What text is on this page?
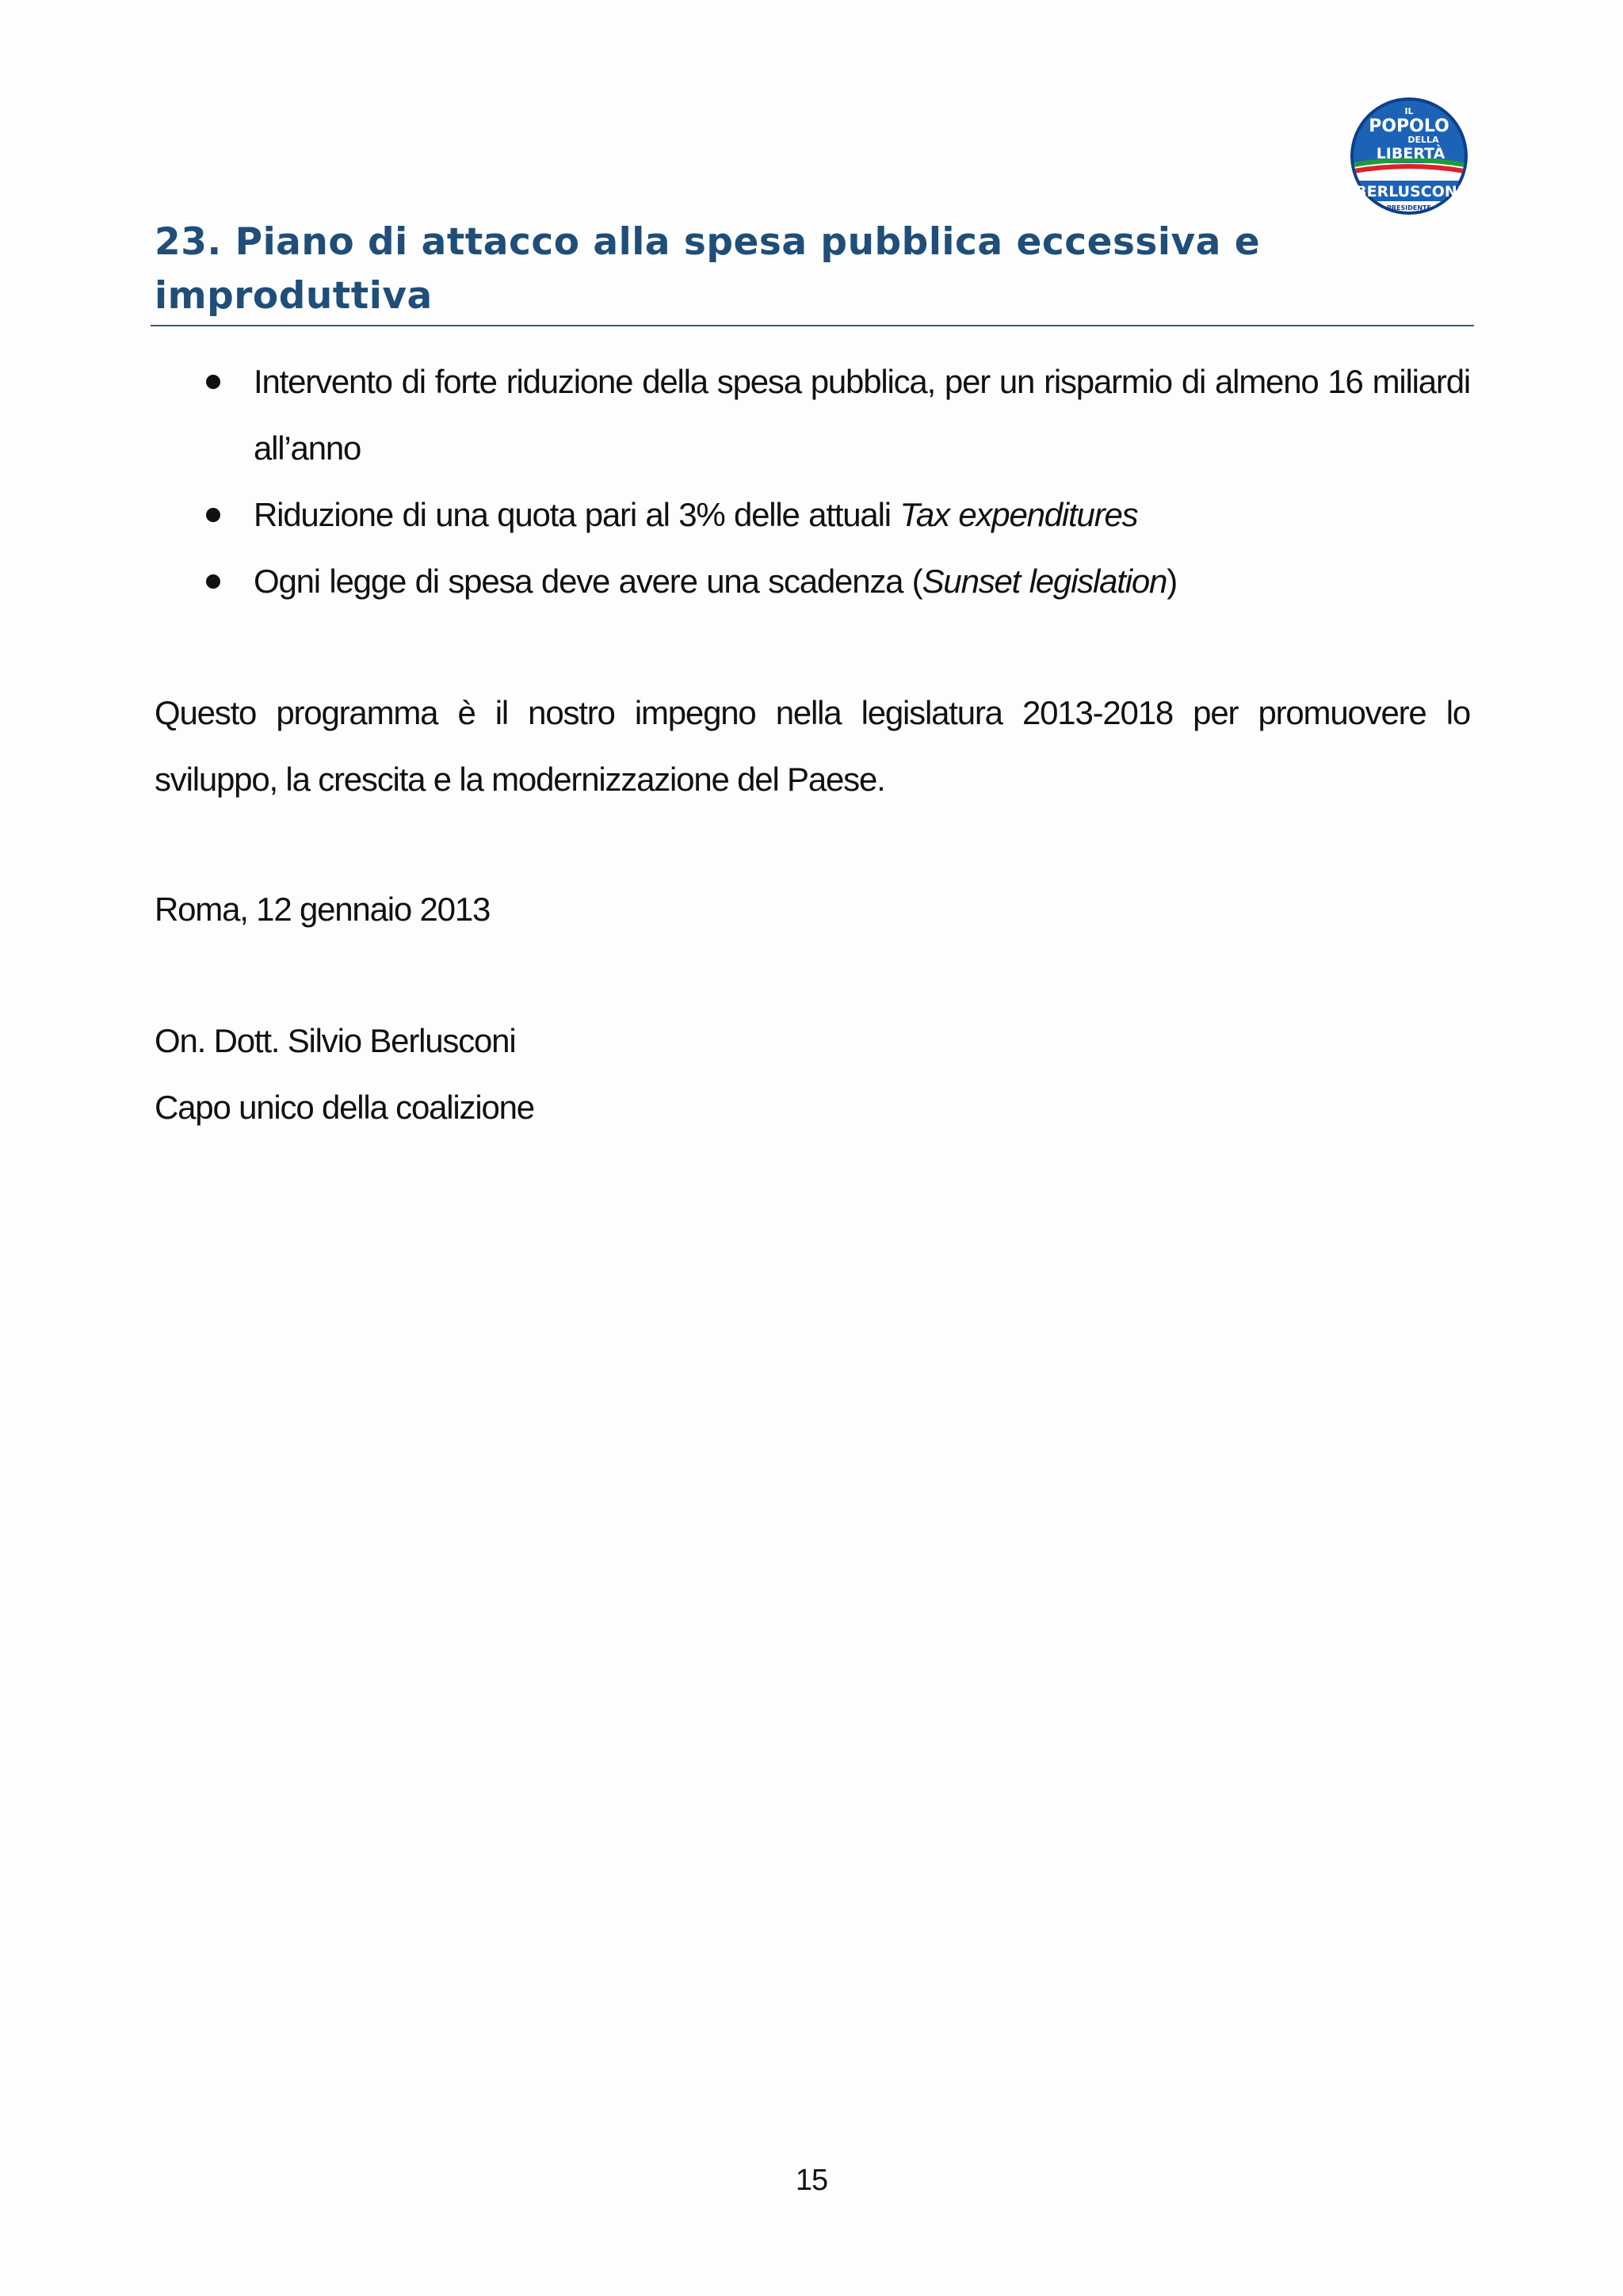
IL
POPOLO
DELLA
LIBERTÀ
BERLUSCONI
PRESIDENTE
23. Piano di attacco alla spesa pubblica eccessiva e improduttiva
Intervento di forte riduzione della spesa pubblica, per un risparmio di almeno 16 miliardi all’anno
Riduzione di una quota pari al 3% delle attuali Tax expenditures
Ogni legge di spesa deve avere una scadenza (Sunset legislation)

Questo programma è il nostro impegno nella legislatura 2013-2018 per promuovere lo sviluppo, la crescita e la modernizzazione del Paese.

Roma, 12 gennaio 2013

On. Dott. Silvio Berlusconi

Capo unico della coalizione

15
